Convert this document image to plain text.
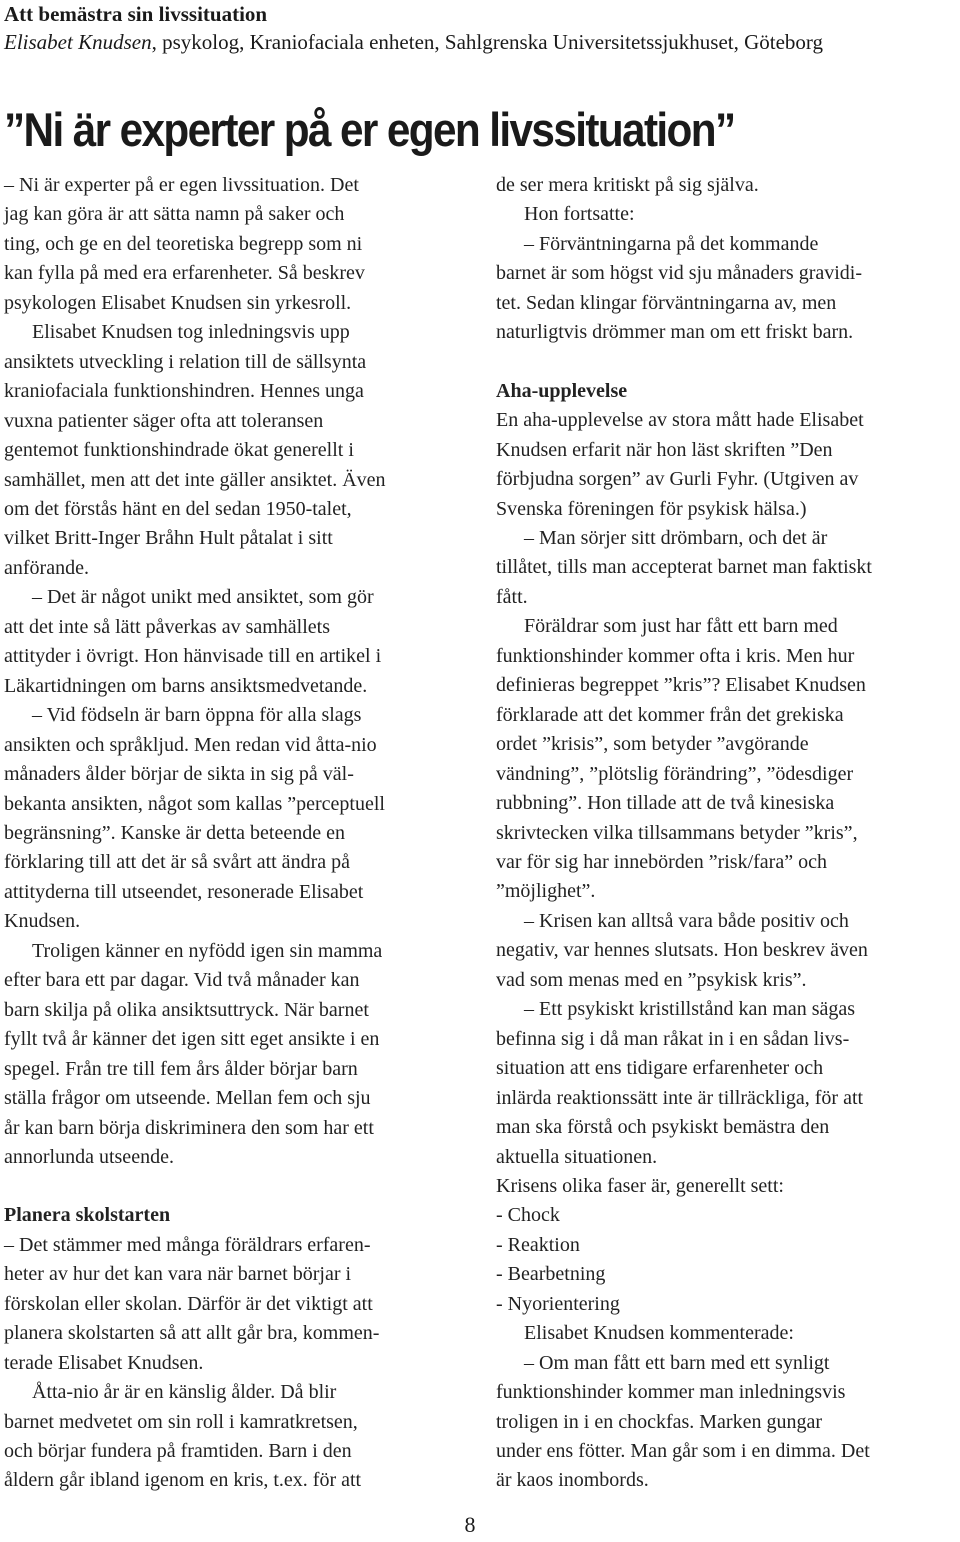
Att bemästra sin livssituation
Elisabet Knudsen, psykolog, Kraniofaciala enheten, Sahlgrenska Universitetssjukhuset, Göteborg
”Ni är experter på er egen livssituation”

– Ni är experter på er egen livssituation. Det
jag kan göra är att sätta namn på saker och
ting, och ge en del teoretiska begrepp som ni
kan fylla på med era erfarenheter. Så beskrev
psykologen Elisabet Knudsen sin yrkesroll.

Elisabet Knudsen tog inledningsvis upp
ansiktets utveckling i relation till de sällsynta
kraniofaciala funktionshindren. Hennes unga
vuxna patienter säger ofta att toleransen
gentemot funktionshindrade ökat generellt i
samhället, men att det inte gäller ansiktet. Även
om det förstås hänt en del sedan 1950-talet,
vilket Britt-Inger Bråhn Hult påtalat i sitt
anförande.

– Det är något unikt med ansiktet, som gör
att det inte så lätt påverkas av samhällets
attityder i övrigt. Hon hänvisade till en artikel i
Läkartidningen om barns ansiktsmedvetande.

– Vid födseln är barn öppna för alla slags
ansikten och språkljud. Men redan vid åtta-nio
månaders ålder börjar de sikta in sig på väl-
bekanta ansikten, något som kallas ”perceptuell
begränsning”. Kanske är detta beteende en
förklaring till att det är så svårt att ändra på
attityderna till utseendet, resonerade Elisabet
Knudsen.

Troligen känner en nyfödd igen sin mamma
efter bara ett par dagar. Vid två månader kan
barn skilja på olika ansiktsuttryck. När barnet
fyllt två år känner det igen sitt eget ansikte i en
spegel. Från tre till fem års ålder börjar barn
ställa frågor om utseende. Mellan fem och sju
år kan barn börja diskriminera den som har ett
annorlunda utseende.

Planera skolstarten

– Det stämmer med många föräldrars erfaren-
heter av hur det kan vara när barnet börjar i
förskolan eller skolan. Därför är det viktigt att
planera skolstarten så att allt går bra, kommen-
terade Elisabet Knudsen.

Åtta-nio år är en känslig ålder. Då blir
barnet medvetet om sin roll i kamratkretsen,
och börjar fundera på framtiden. Barn i den
åldern går ibland igenom en kris, t.ex. för att

de ser mera kritiskt på sig själva.

Hon fortsatte:

– Förväntningarna på det kommande
barnet är som högst vid sju månaders gravidi-
tet. Sedan klingar förväntningarna av, men
naturligtvis drömmer man om ett friskt barn.

Aha-upplevelse

En aha-upplevelse av stora mått hade Elisabet
Knudsen erfarit när hon läst skriften ”Den
förbjudna sorgen” av Gurli Fyhr. (Utgiven av
Svenska föreningen för psykisk hälsa.)

– Man sörjer sitt drömbarn, och det är
tillåtet, tills man accepterat barnet man faktiskt
fått.

Föräldrar som just har fått ett barn med
funktionshinder kommer ofta i kris. Men hur
definieras begreppet ”kris”? Elisabet Knudsen
förklarade att det kommer från det grekiska
ordet ”krisis”, som betyder ”avgörande
vändning”, ”plötslig förändring”, ”ödesdiger
rubbning”. Hon tillade att de två kinesiska
skrivtecken vilka tillsammans betyder ”kris”,
var för sig har innebörden ”risk/fara” och
”möjlighet”.

– Krisen kan alltså vara både positiv och
negativ, var hennes slutsats. Hon beskrev även
vad som menas med en ”psykisk kris”.

– Ett psykiskt kristillstånd kan man sägas
befinna sig i då man råkat in i en sådan livs-
situation att ens tidigare erfarenheter och
inlärda reaktionssätt inte är tillräckliga, för att
man ska förstå och psykiskt bemästra den
aktuella situationen.

Krisens olika faser är, generellt sett:
- Chock
- Reaktion
- Bearbetning
- Nyorientering

Elisabet Knudsen kommenterade:

– Om man fått ett barn med ett synligt
funktionshinder kommer man inledningsvis
troligen in i en chockfas. Marken gungar
under ens fötter. Man går som i en dimma. Det
är kaos inombords.

8
